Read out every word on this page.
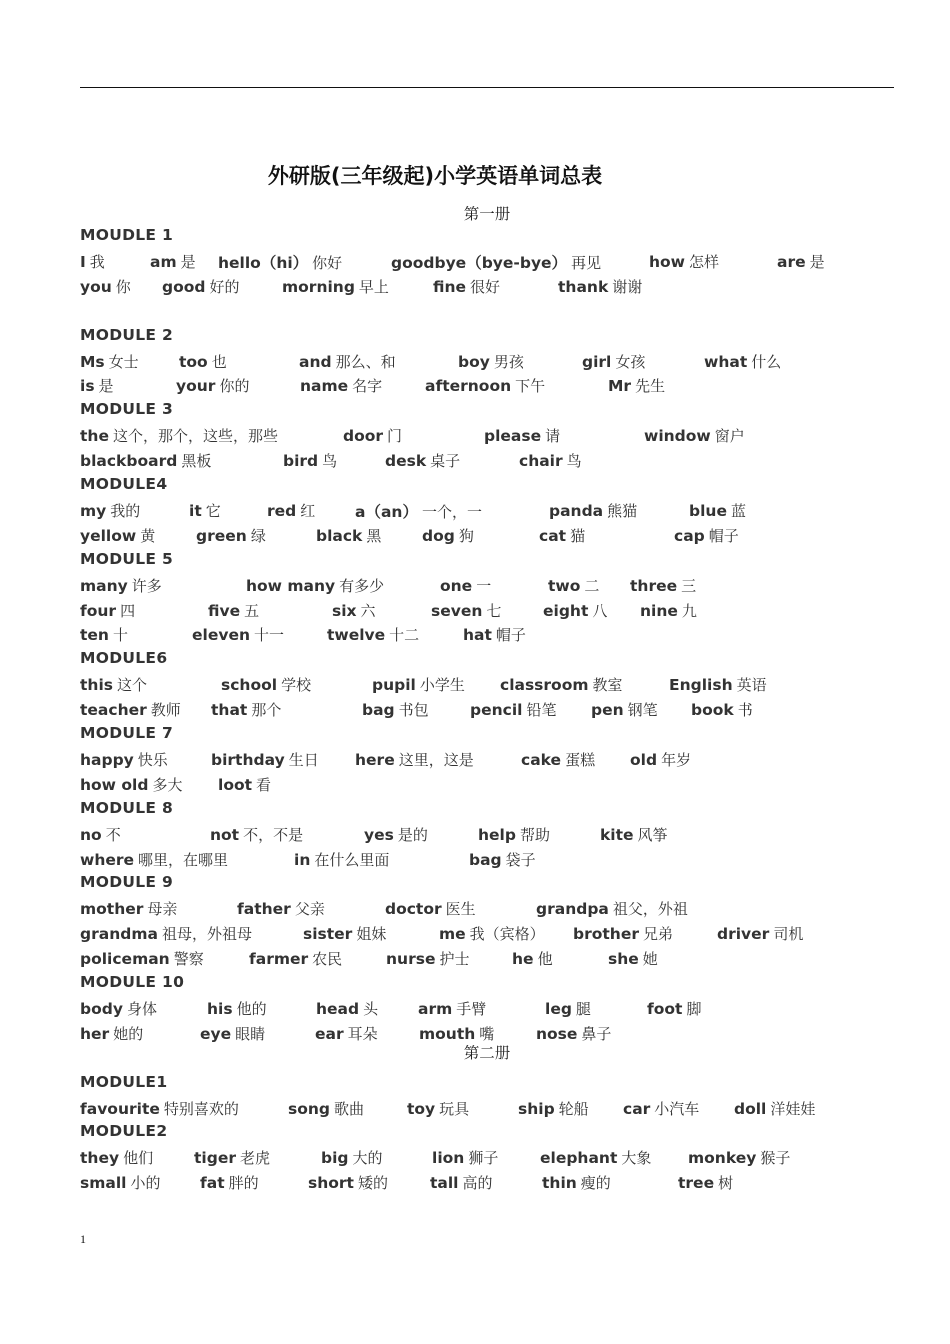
外研版(三年级起)小学英语单词总表
第一册
MOUDLE 1
I 我	am 是 hello（hi） 你好	goodbye（bye-bye） 再见	how 怎样	are 是
you 你 good 好的	morning 早上	fine 很好	thank 谢谢
MODULE 2
Ms 女士	too 也	and 那么、和	boy 男孩	girl 女孩	what 什么
is 是	your 你的	name 名字	afternoon 下午	Mr 先生
MODULE 3
the 这个，那个，这些，那些	door 门	please 请	window 窗户
blackboard 黑板	bird 鸟	desk 桌子	chair 鸟
MODULE4
my 我的	it 它	red 红	a（an） 一个，一	panda 熊猫	blue 蓝
yellow 黄	green 绿	black 黑	dog 狗	cat 猫	cap 帽子
MODULE 5
many 许多	how many 有多少	one 一	two 二 three 三
four 四	five 五	six 六	seven 七	eight 八 nine 九
ten 十	eleven 十一	twelve 十二	hat 帽子
MODULE6
this 这个	school 学校	pupil 小学生 classroom 教室	English 英语
teacher 教师 that 那个	bag 书包	pencil 铅笔 pen 钢笔 book 书
MODULE 7
happy 快乐	birthday 生日 here 这里，这是	cake 蛋糕 old 年岁
how old 多大 loot 看
MODULE 8
no 不	not 不，不是	yes 是的	help 帮助	kite 风筝
where 哪里，在哪里	in 在什么里面	bag 袋子
MODULE 9
mother 母亲	father 父亲	doctor 医生	grandpa 祖父，外祖
grandma 祖母，外祖母	sister 姐妹	me 我（宾格） brother 兄弟	driver 司机
policeman 警察	farmer 农民	nurse 护士	he 他	she 她
MODULE 10
body 身体	his 他的	head 头	arm 手臂	leg 腿	foot 脚
her 她的	eye 眼睛	ear 耳朵	mouth 嘴	nose 鼻子
第二册
MODULE1
favourite 特别喜欢的	song 歌曲	toy 玩具	ship 轮船 car 小汽车 doll 洋娃娃
MODULE2
they 他们	tiger 老虎	big 大的	lion 狮子	elephant 大象 monkey 猴子
small 小的	fat 胖的	short 矮的	tall 高的	thin 瘦的	tree 树
1
